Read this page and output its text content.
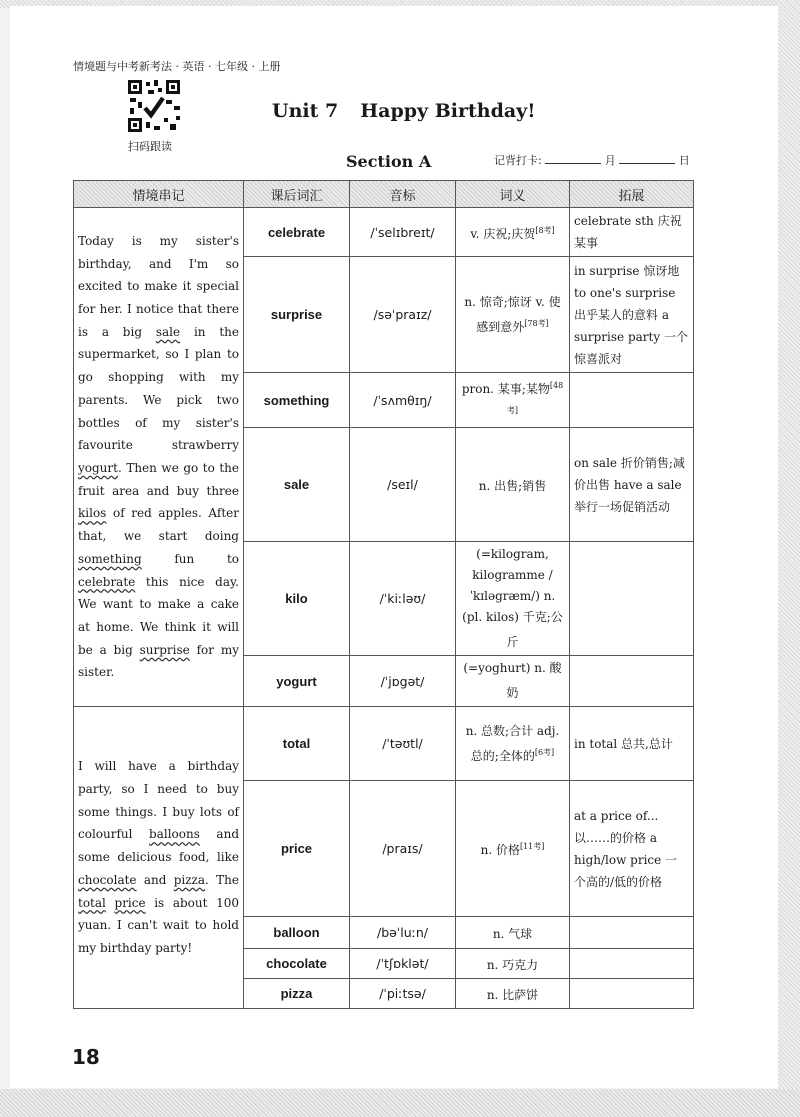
情境题与中考新考法 · 英语 · 七年级 · 上册
扫码跟读
Unit 7 Happy Birthday!
Section A	记背打卡:	月	日
情境串记	课后词汇	音标	词义	拓展
Today is my sister's birthday, and I'm so excited to make it special for her. I notice that there is a big sale in the supermarket, so I plan to go shopping with my parents. We pick two bottles of my sister's favourite strawberry yogurt. Then we go to the fruit area and buy three kilos of red apples. After that, we start doing something fun to celebrate this nice day. We want to make a cake at home. We think it will be a big surprise for my sister.	celebrate	/ˈselɪbreɪt/	v. 庆祝;庆贺[8考]	celebrate sth 庆祝某事
	surprise	/səˈpraɪz/	n. 惊奇;惊讶 v. 使感到意外[78考]	in surprise 惊讶地 to one's surprise 出乎某人的意料 a surprise party 一个惊喜派对
	something	/ˈsʌmθɪŋ/	pron. 某事;某物[48考]	
	sale	/seɪl/	n. 出售;销售	on sale 折价销售;减价出售 have a sale 举行一场促销活动
	kilo	/ˈkiːləʊ/	(=kilogram, kilogramme /ˈkɪləgræm/) n. (pl. kilos) 千克;公斤	
	yogurt	/ˈjɒgət/	(=yoghurt) n. 酸奶	
I will have a birthday party, so I need to buy some things. I buy lots of colourful balloons and some delicious food, like chocolate and pizza. The total price is about 100 yuan. I can't wait to hold my birthday party!	total	/ˈtəʊtl/	n. 总数;合计 adj. 总的;全体的[6考]	in total 总共,总计
	price	/praɪs/	n. 价格[11考]	at a price of... 以……的价格 a high/low price 一个高的/低的价格
	balloon	/bəˈluːn/	n. 气球	
	chocolate	/ˈtʃɒklət/	n. 巧克力	
	pizza	/ˈpiːtsə/	n. 比萨饼	
18
